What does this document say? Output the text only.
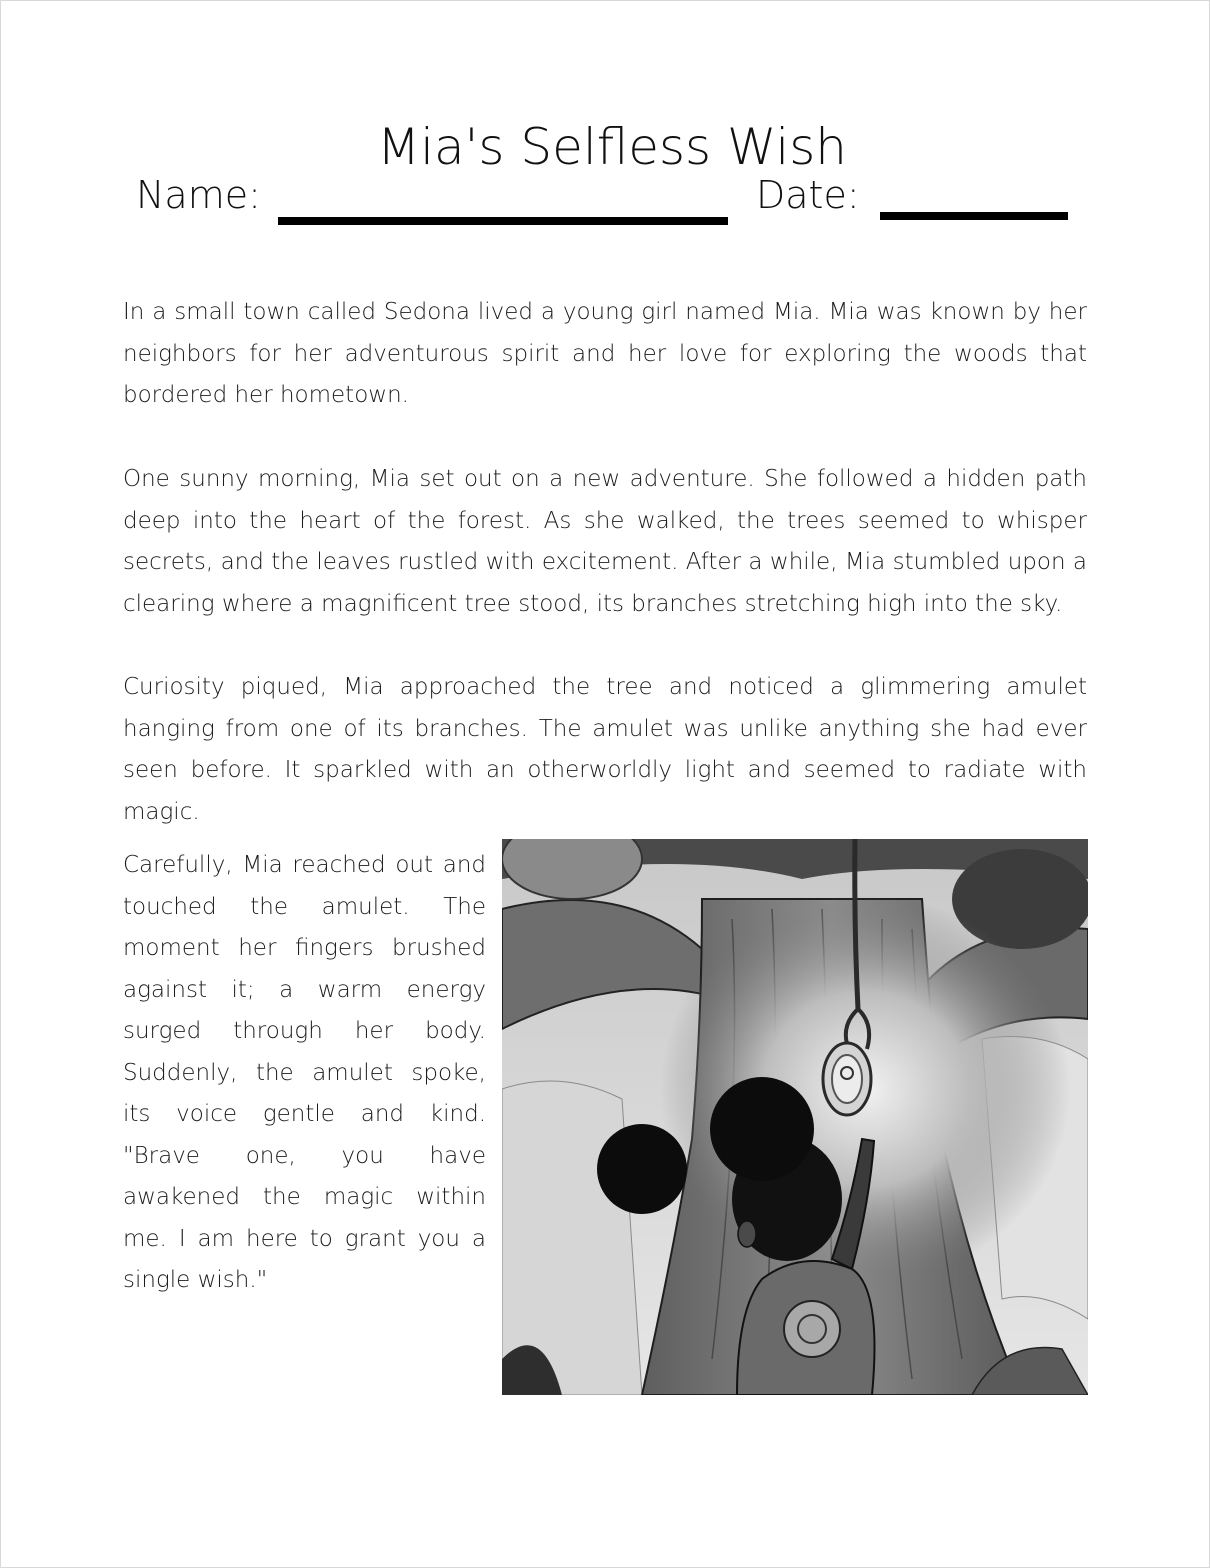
Mia's Selfless Wish
Name:	Date:

In a small town called Sedona lived a young girl named Mia. Mia was known by her neighbors for her adventurous spirit and her love for exploring the woods that bordered her hometown.

One sunny morning, Mia set out on a new adventure. She followed a hidden path deep into the heart of the forest. As she walked, the trees seemed to whisper secrets, and the leaves rustled with excitement. After a while, Mia stumbled upon a clearing where a magnificent tree stood, its branches stretching high into the sky.

Curiosity piqued, Mia approached the tree and noticed a glimmering amulet hanging from one of its branches. The amulet was unlike anything she had ever seen before. It sparkled with an otherworldly light and seemed to radiate with magic.

Carefully, Mia reached out and touched the amulet. The moment her fingers brushed against it; a warm energy surged through her body. Suddenly, the amulet spoke, its voice gentle and kind. "Brave one, you have awakened the magic within me. I am here to grant you a single wish."
